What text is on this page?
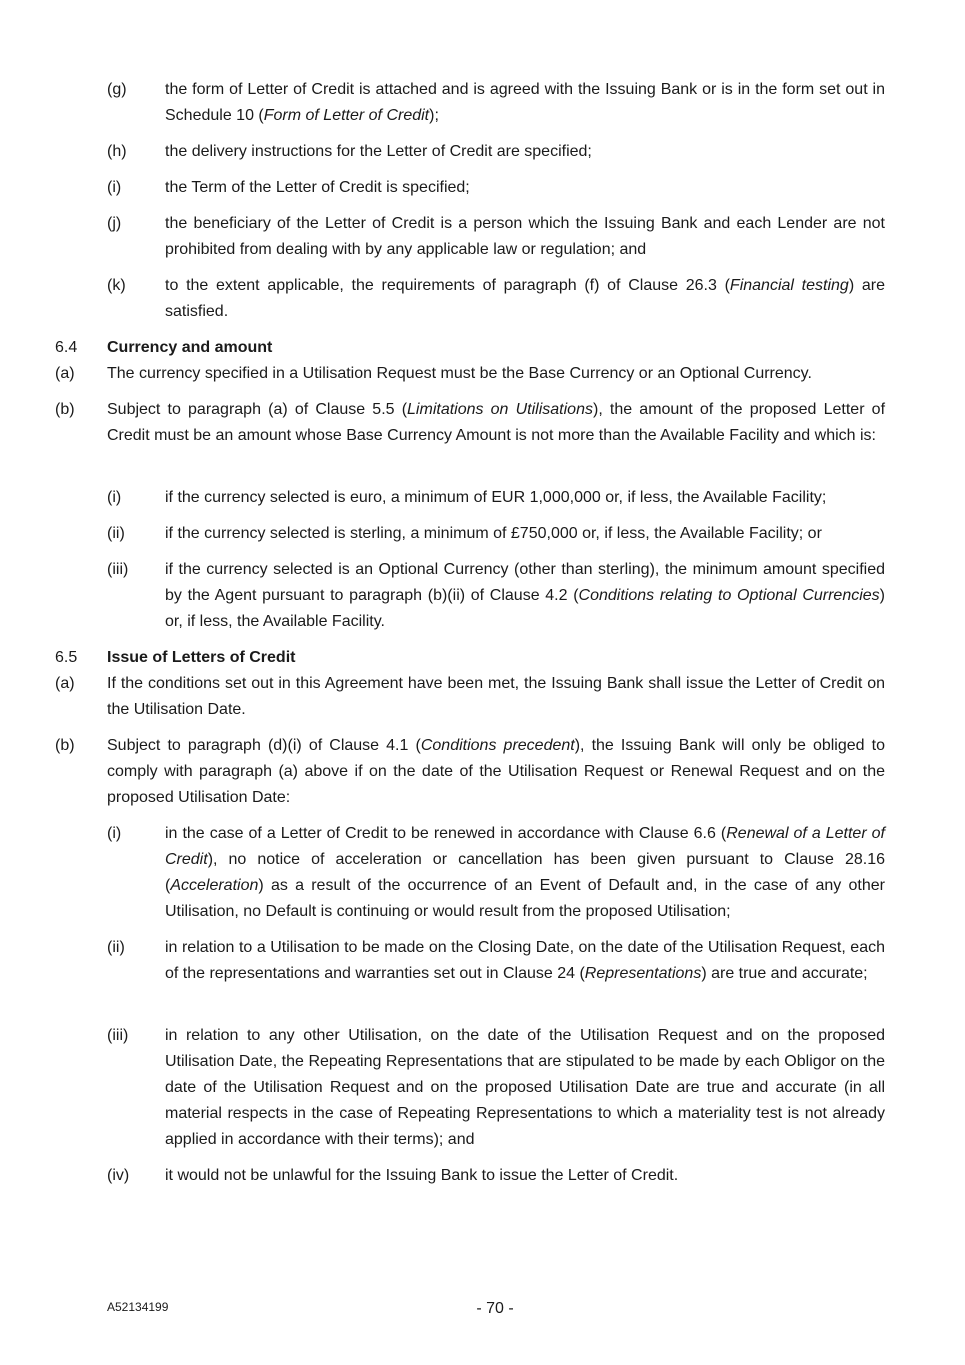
(g) the form of Letter of Credit is attached and is agreed with the Issuing Bank or is in the form set out in Schedule 10 (Form of Letter of Credit);
(h) the delivery instructions for the Letter of Credit are specified;
(i)	the Term of the Letter of Credit is specified;
(j)	the beneficiary of the Letter of Credit is a person which the Issuing Bank and each Lender are not prohibited from dealing with by any applicable law or regulation; and
(k) to the extent applicable, the requirements of paragraph (f) of Clause 26.3 (Financial testing) are satisfied.
6.4 Currency and amount
(a) The currency specified in a Utilisation Request must be the Base Currency or an Optional Currency.
(b) Subject to paragraph (a) of Clause 5.5 (Limitations on Utilisations), the amount of the proposed Letter of Credit must be an amount whose Base Currency Amount is not more than the Available Facility and which is:
(i)	if the currency selected is euro, a minimum of EUR 1,000,000 or, if less, the Available Facility;
(ii)	if the currency selected is sterling, a minimum of £750,000 or, if less, the Available Facility; or
(iii) if the currency selected is an Optional Currency (other than sterling), the minimum amount specified by the Agent pursuant to paragraph (b)(ii) of Clause 4.2 (Conditions relating to Optional Currencies) or, if less, the Available Facility.
6.5 Issue of Letters of Credit
(a) If the conditions set out in this Agreement have been met, the Issuing Bank shall issue the Letter of Credit on the Utilisation Date.
(b) Subject to paragraph (d)(i) of Clause 4.1 (Conditions precedent), the Issuing Bank will only be obliged to comply with paragraph (a) above if on the date of the Utilisation Request or Renewal Request and on the proposed Utilisation Date:
(i)	in the case of a Letter of Credit to be renewed in accordance with Clause 6.6 (Renewal of a Letter of Credit), no notice of acceleration or cancellation has been given pursuant to Clause 28.16 (Acceleration) as a result of the occurrence of an Event of Default and, in the case of any other Utilisation, no Default is continuing or would result from the proposed Utilisation;
(ii)	in relation to a Utilisation to be made on the Closing Date, on the date of the Utilisation Request, each of the representations and warranties set out in Clause 24 (Representations) are true and accurate;
(iii) in relation to any other Utilisation, on the date of the Utilisation Request and on the proposed Utilisation Date, the Repeating Representations that are stipulated to be made by each Obligor on the date of the Utilisation Request and on the proposed Utilisation Date are true and accurate (in all material respects in the case of Repeating Representations to which a materiality test is not already applied in accordance with their terms); and
(iv) it would not be unlawful for the Issuing Bank to issue the Letter of Credit.
A52134199	- 70 -
